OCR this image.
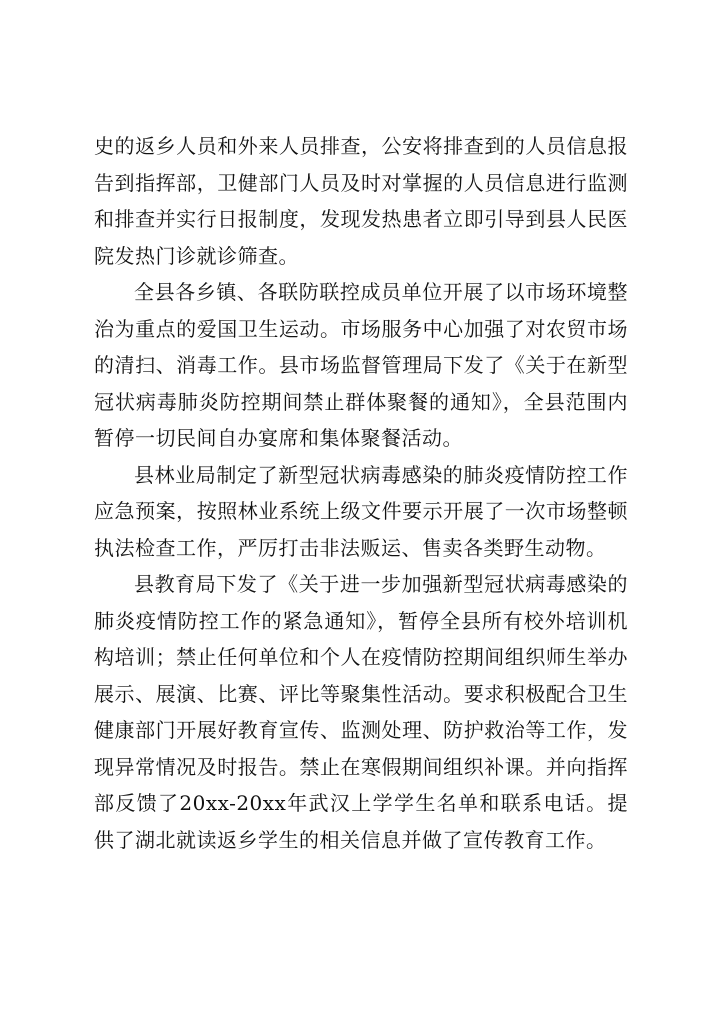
史的返乡人员和外来人员排查，公安将排查到的人员信息报告到指挥部，卫健部门人员及时对掌握的人员信息进行监测和排查并实行日报制度，发现发热患者立即引导到县人民医院发热门诊就诊筛查。

全县各乡镇、各联防联控成员单位开展了以市场环境整治为重点的爱国卫生运动。市场服务中心加强了对农贸市场的清扫、消毒工作。县市场监督管理局下发了《关于在新型冠状病毒肺炎防控期间禁止群体聚餐的通知》，全县范围内暂停一切民间自办宴席和集体聚餐活动。

县林业局制定了新型冠状病毒感染的肺炎疫情防控工作应急预案，按照林业系统上级文件要示开展了一次市场整顿执法检查工作，严厉打击非法贩运、售卖各类野生动物。

县教育局下发了《关于进一步加强新型冠状病毒感染的肺炎疫情防控工作的紧急通知》，暂停全县所有校外培训机构培训；禁止任何单位和个人在疫情防控期间组织师生举办展示、展演、比赛、评比等聚集性活动。要求积极配合卫生健康部门开展好教育宣传、监测处理、防护救治等工作，发现异常情况及时报告。禁止在寒假期间组织补课。并向指挥部反馈了20xx-20xx年武汉上学学生名单和联系电话。提供了湖北就读返乡学生的相关信息并做了宣传教育工作。
